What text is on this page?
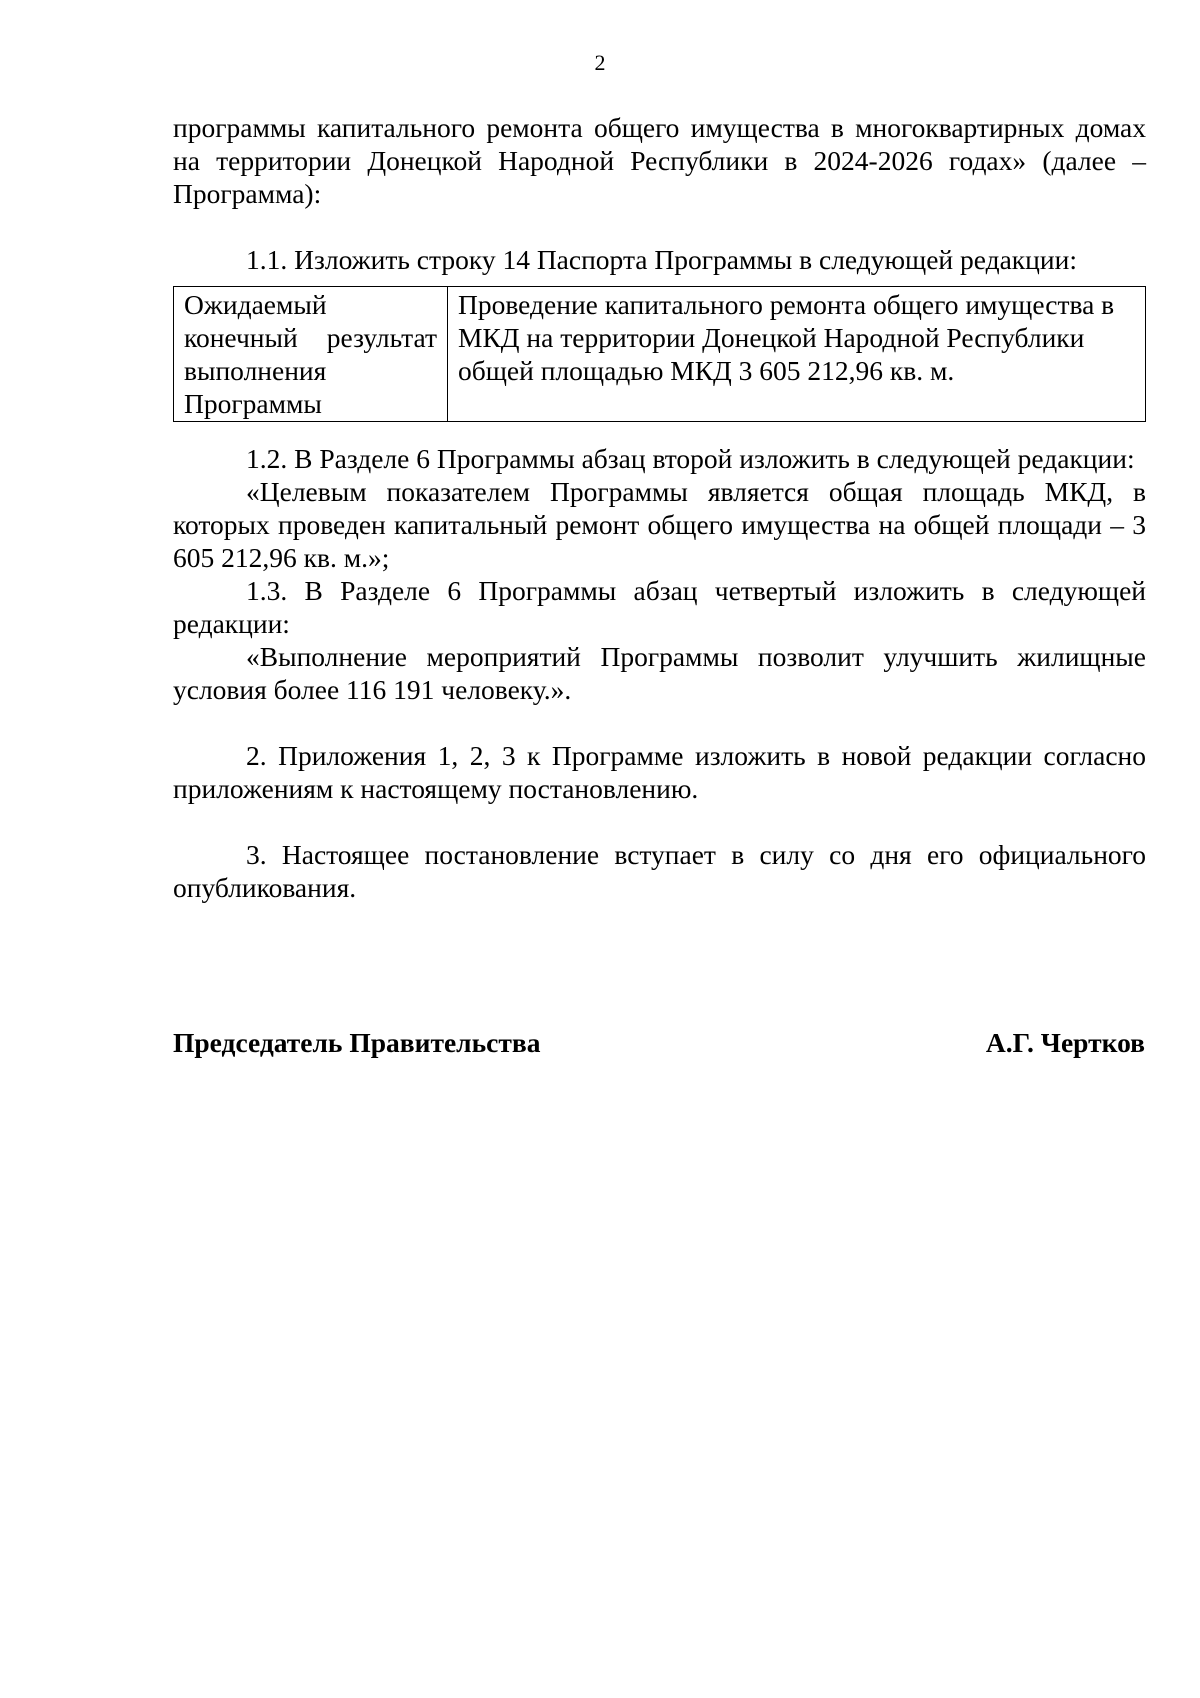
2

программы капитального ремонта общего имущества в многоквартирных домах на территории Донецкой Народной Республики в 2024-2026 годах» (далее – Программа):

1.1. Изложить строку 14 Паспорта Программы в следующей редакции:

Ожидаемый конечный результат выполнения Программы	Проведение капитального ремонта общего имущества в МКД на территории Донецкой Народной Республики общей площадью МКД 3 605 212,96 кв. м.

1.2. В Разделе 6 Программы абзац второй изложить в следующей редакции:

«Целевым показателем Программы является общая площадь МКД, в которых проведен капитальный ремонт общего имущества на общей площади – 3 605 212,96 кв. м.»;

1.3. В Разделе 6 Программы абзац четвертый изложить в следующей редакции:

«Выполнение мероприятий Программы позволит улучшить жилищные условия более 116 191 человеку.».

2. Приложения 1, 2, 3 к Программе изложить в новой редакции согласно приложениям к настоящему постановлению.

3. Настоящее постановление вступает в силу со дня его официального опубликования.

Председатель Правительства	А.Г. Чертков
